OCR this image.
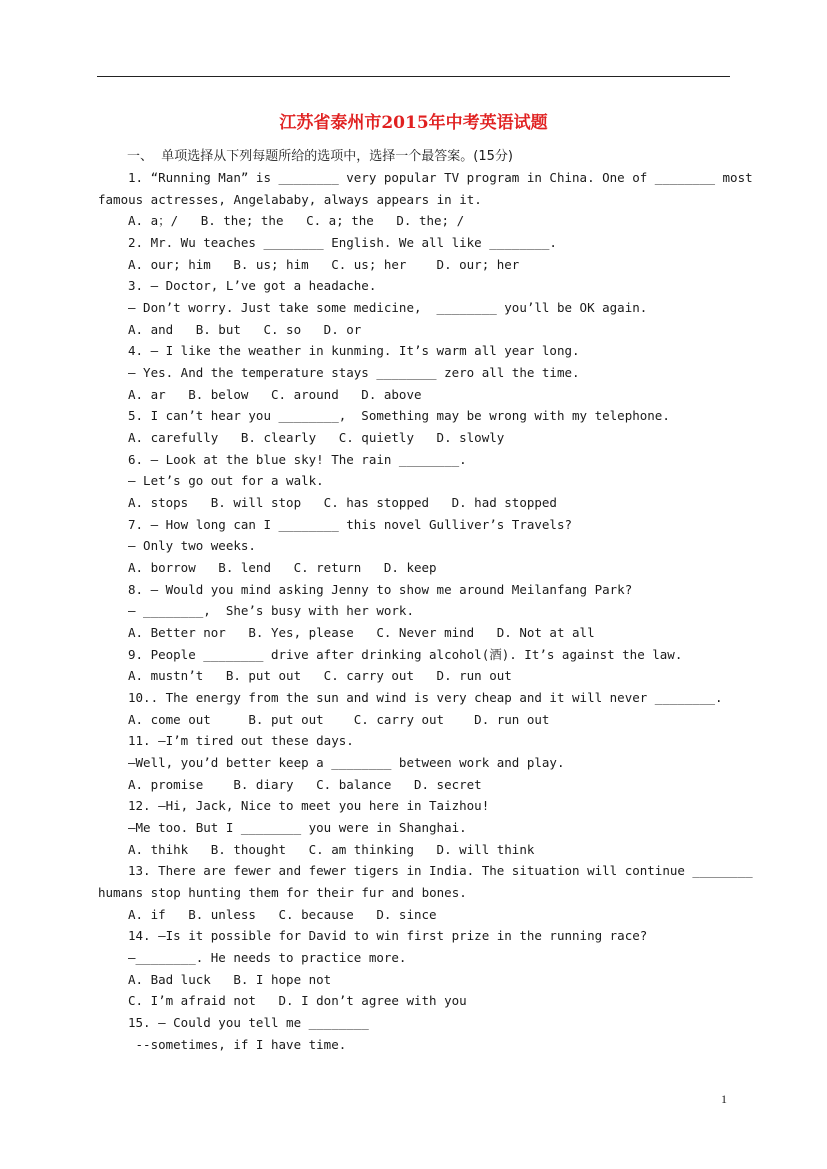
江苏省泰州市2015年中考英语试题
一、  单项选择从下列每题所给的选项中，选择一个最答案。(15分)
1. “Running Man” is ________ very popular TV program in China. One of ________ most
famous actresses, Angelababy, always appears in it.
A. a；/   B. the; the   C. a; the   D. the; /
2. Mr. Wu teaches ________ English. We all like ________.
A. our; him   B. us; him   C. us; her    D. our; her
3. — Doctor, L’ve got a headache.
— Don’t worry. Just take some medicine,  ________ you’ll be OK again.
A. and   B. but   C. so   D. or
4. — I like the weather in kunming. It’s warm all year long.
— Yes. And the temperature stays ________ zero all the time.
A. ar   B. below   C. around   D. above
5. I can’t hear you ________,  Something may be wrong with my telephone.
A. carefully   B. clearly   C. quietly   D. slowly
6. — Look at the blue sky! The rain ________.
— Let’s go out for a walk.
A. stops   B. will stop   C. has stopped   D. had stopped
7. — How long can I ________ this novel Gulliver’s Travels?
— Only two weeks.
A. borrow   B. lend   C. return   D. keep
8. — Would you mind asking Jenny to show me around Meilanfang Park?
— ________,  She’s busy with her work.
A. Better nor   B. Yes, please   C. Never mind   D. Not at all
9. People ________ drive after drinking alcohol(酒). It’s against the law.
A. mustn’t   B. put out   C. carry out   D. run out
10.. The energy from the sun and wind is very cheap and it will never ________.
A. come out     B. put out    C. carry out    D. run out
11. —I’m tired out these days.
—Well, you’d better keep a ________ between work and play.
A. promise    B. diary   C. balance   D. secret
12. —Hi, Jack, Nice to meet you here in Taizhou!
—Me too. But I ________ you were in Shanghai.
A. thihk   B. thought   C. am thinking   D. will think
13. There are fewer and fewer tigers in India. The situation will continue ________
humans stop hunting them for their fur and bones.
A. if   B. unless   C. because   D. since
14. —Is it possible for David to win first prize in the running race?
—________. He needs to practice more.
A. Bad luck   B. I hope not
C. I’m afraid not   D. I don’t agree with you
15. — Could you tell me ________
--sometimes, if I have time.
1
